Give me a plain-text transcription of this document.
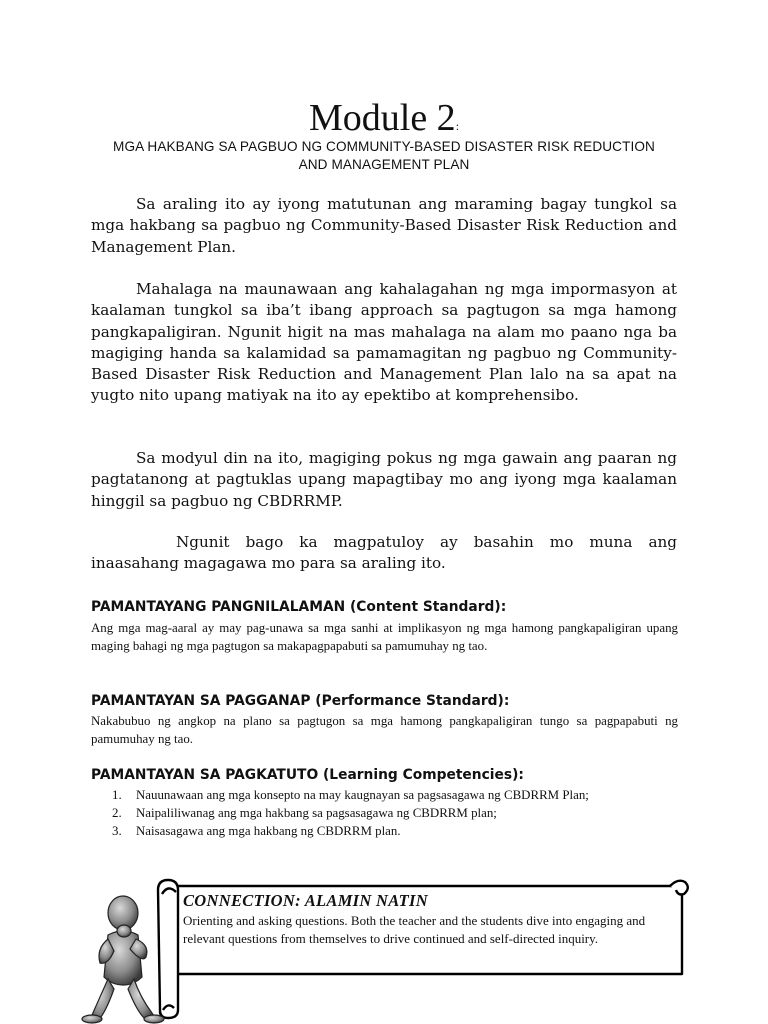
Module 2:
MGA HAKBANG SA PAGBUO NG COMMUNITY-BASED DISASTER RISK REDUCTION
AND MANAGEMENT PLAN
Sa araling ito ay iyong matutunan ang maraming bagay tungkol sa mga hakbang sa pagbuo ng Community-Based Disaster Risk Reduction and Management Plan.
Mahalaga na maunawaan ang kahalagahan ng mga impormasyon at kaalaman tungkol sa iba’t ibang approach sa pagtugon sa mga hamong pangkapaligiran. Ngunit higit na mas mahalaga na alam mo paano nga ba magiging handa sa kalamidad sa pamamagitan ng pagbuo ng Community-Based Disaster Risk Reduction and Management Plan lalo na sa apat na yugto nito upang matiyak na ito ay epektibo at komprehensibo.
Sa modyul din na ito, magiging pokus ng mga gawain ang paaran ng pagtatanong at pagtuklas upang mapagtibay mo ang iyong mga kaalaman hinggil sa pagbuo ng CBDRRMP.
Ngunit bago ka magpatuloy ay basahin mo muna ang inaasahang magagawa mo para sa araling ito.
PAMANTAYANG PANGNILALAMAN (Content Standard):
Ang mga mag-aaral ay may pag-unawa sa mga sanhi at implikasyon ng mga hamong pangkapaligiran upang maging bahagi ng mga pagtugon sa makapagpapabuti sa pamumuhay ng tao.
PAMANTAYAN SA PAGGANAP (Performance Standard):
Nakabubuo ng angkop na plano sa pagtugon sa mga hamong pangkapaligiran tungo sa pagpapabuti ng pamumuhay ng tao.
PAMANTAYAN SA PAGKATUTO (Learning Competencies):
1.	Nauunawaan ang mga konsepto na may kaugnayan sa pagsasagawa ng CBDRRM Plan;
2.	Naipaliliwanag ang mga hakbang sa pagsasagawa ng CBDRRM plan;
3.	Naisasagawa ang mga hakbang ng CBDRRM plan.
CONNECTION: ALAMIN NATIN
Orienting and asking questions. Both the teacher and the students dive into engaging and relevant questions from themselves to drive continued and self-directed inquiry.
